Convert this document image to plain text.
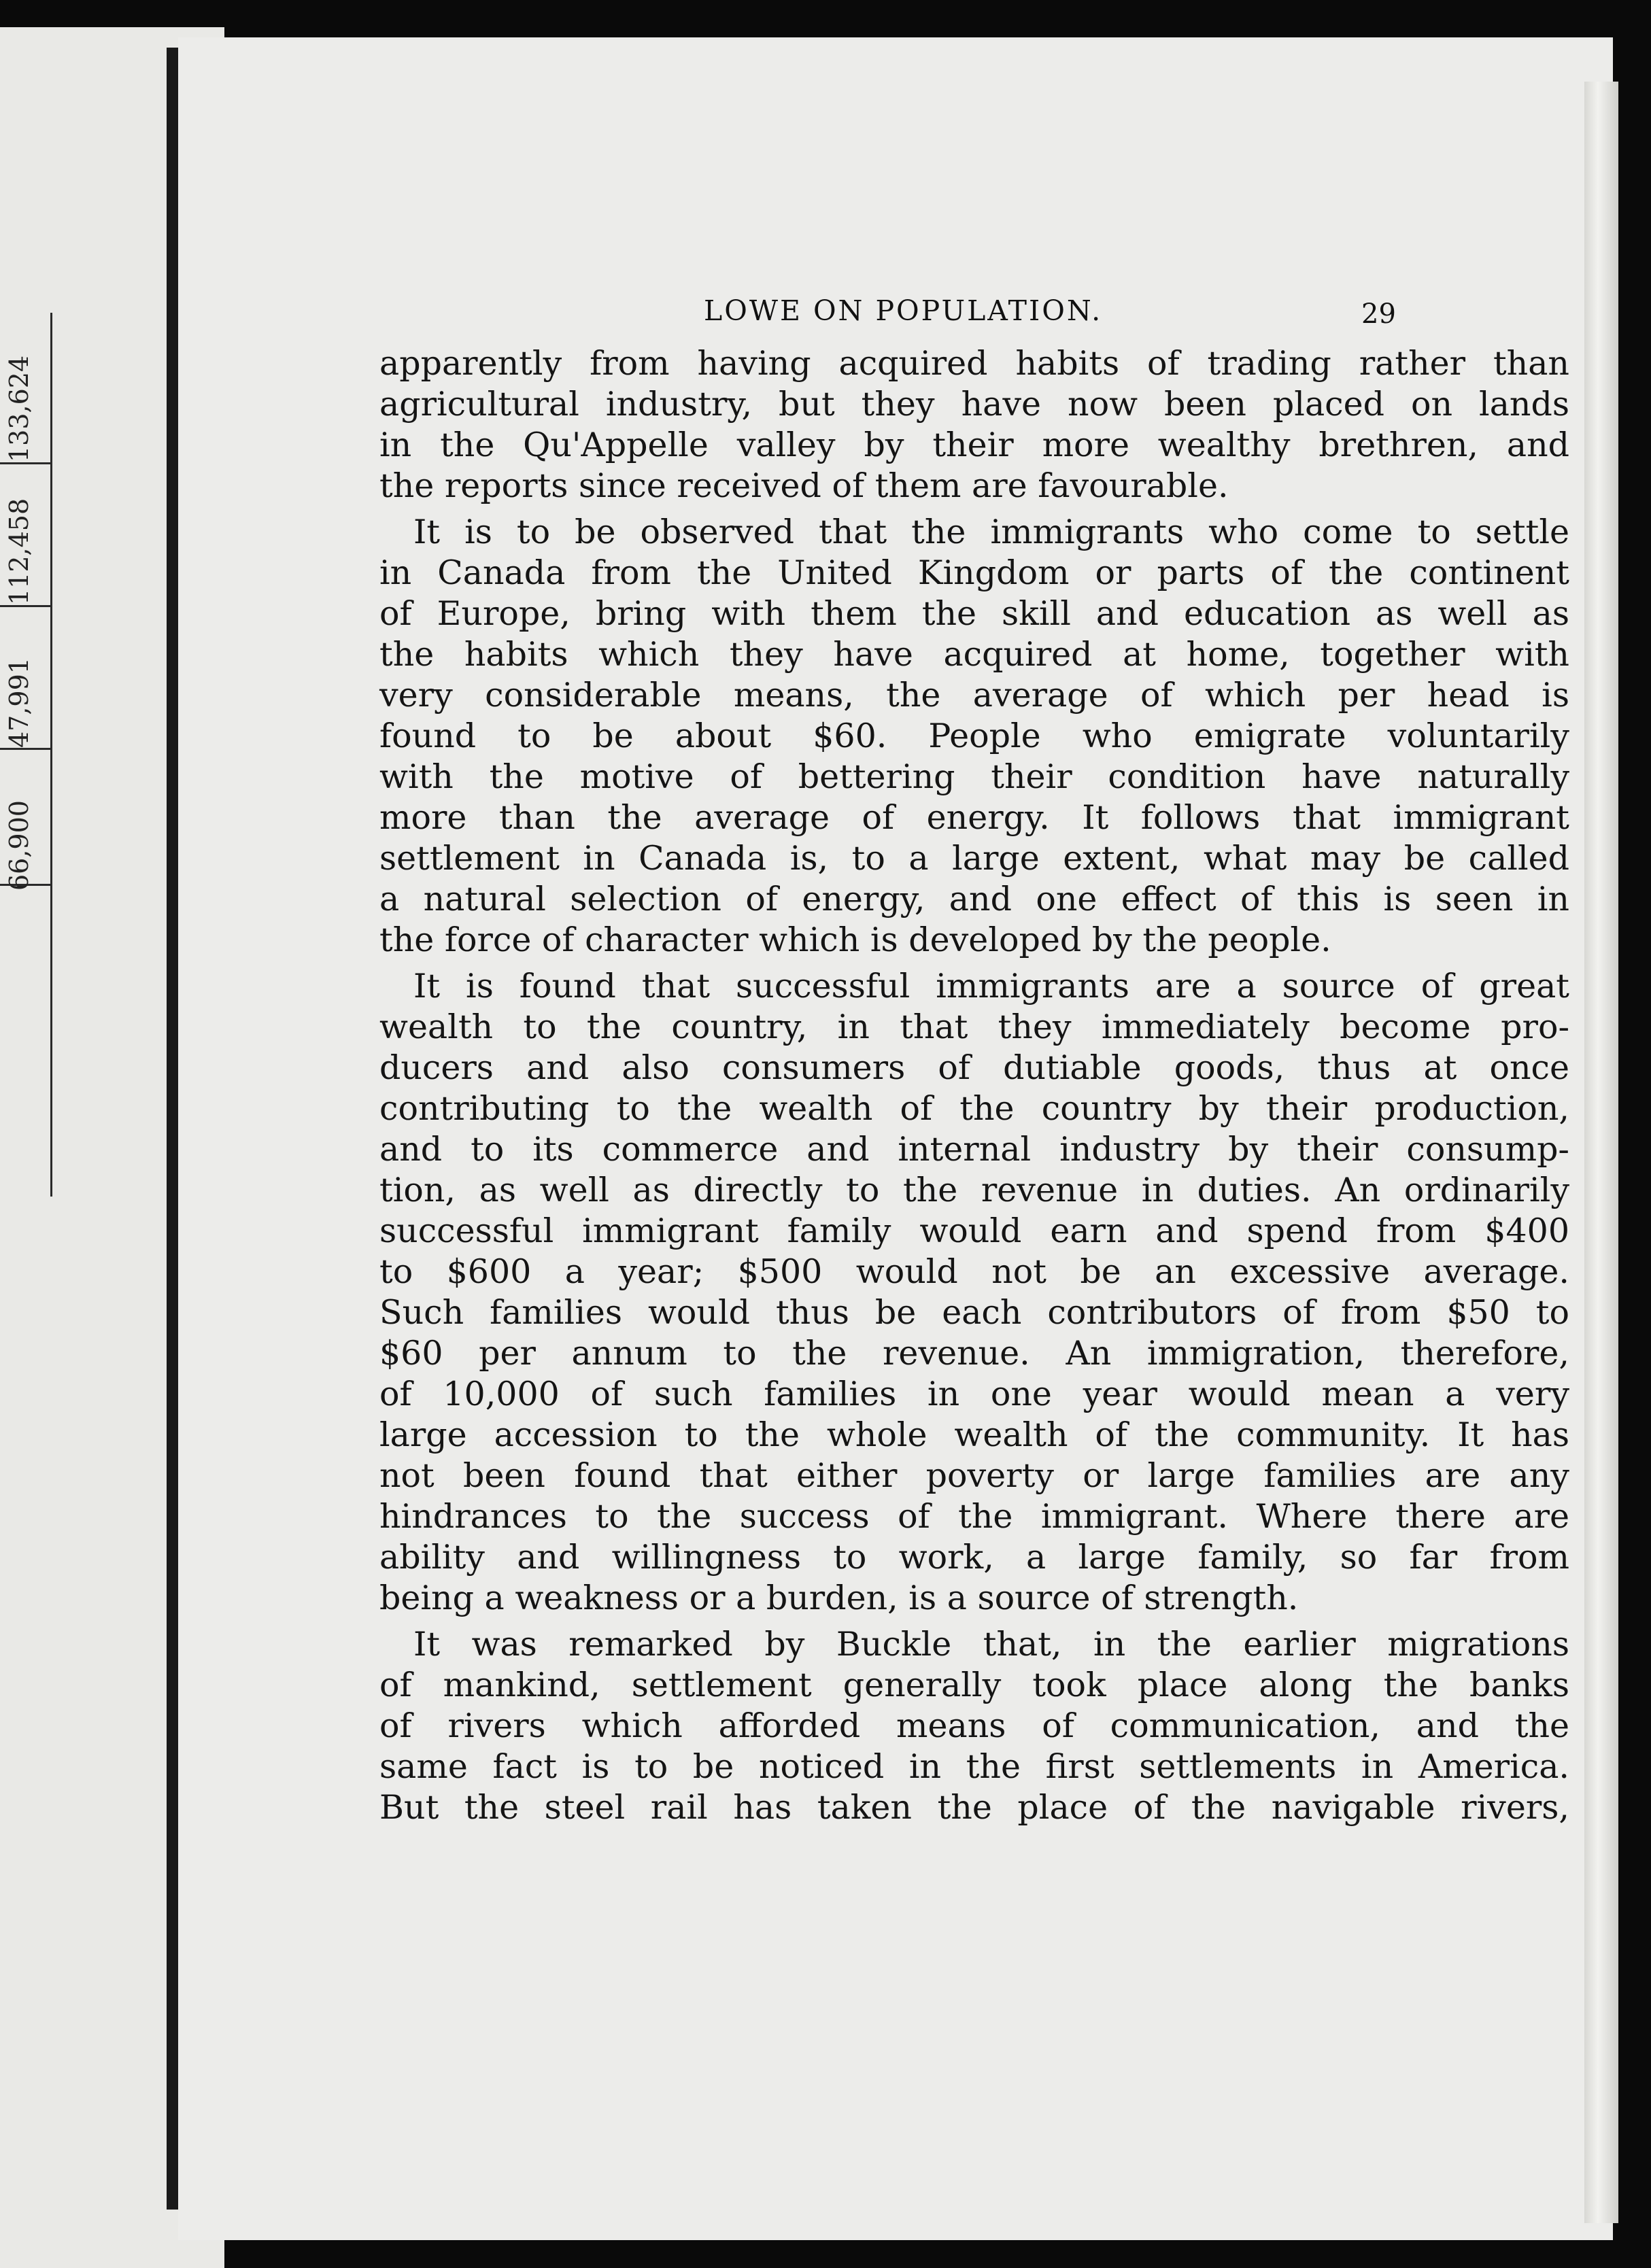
133,624
112,458
47,991
66,900
LOWE ON POPULATION.	29
apparently from having acquired habits of trading rather than
agricultural industry, but they have now been placed on lands
in the Qu'Appelle valley by their more wealthy brethren, and
the reports since received of them are favourable.
It is to be observed that the immigrants who come to settle
in Canada from the United Kingdom or parts of the continent
of Europe, bring with them the skill and education as well as
the habits which they have acquired at home, together with
very considerable means, the average of which per head is
found to be about $60. People who emigrate voluntarily
with the motive of bettering their condition have naturally
more than the average of energy. It follows that immigrant
settlement in Canada is, to a large extent, what may be called
a natural selection of energy, and one effect of this is seen in
the force of character which is developed by the people.
It is found that successful immigrants are a source of great
wealth to the country, in that they immediately become pro-
ducers and also consumers of dutiable goods, thus at once
contributing to the wealth of the country by their production,
and to its commerce and internal industry by their consump-
tion, as well as directly to the revenue in duties. An ordinarily
successful immigrant family would earn and spend from $400
to $600 a year; $500 would not be an excessive average.
Such families would thus be each contributors of from $50 to
$60 per annum to the revenue. An immigration, therefore,
of 10,000 of such families in one year would mean a very
large accession to the whole wealth of the community. It has
not been found that either poverty or large families are any
hindrances to the success of the immigrant. Where there are
ability and willingness to work, a large family, so far from
being a weakness or a burden, is a source of strength.
It was remarked by Buckle that, in the earlier migrations
of mankind, settlement generally took place along the banks
of rivers which afforded means of communication, and the
same fact is to be noticed in the first settlements in America.
But the steel rail has taken the place of the navigable rivers,
